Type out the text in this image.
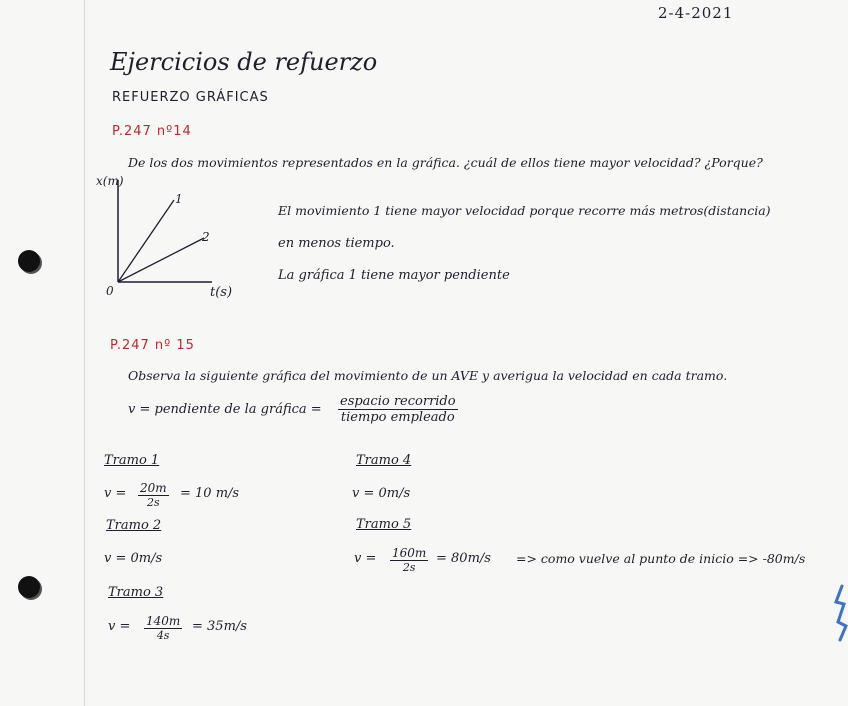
2-4-2021
Ejercicios de refuerzo
REFUERZO GRÁFICAS
P.247 nº14
De los dos movimientos representados en la gráfica. ¿cuál de ellos tiene mayor velocidad? ¿Porque?
x(m)
t(s)
0
1
2
El movimiento 1 tiene mayor velocidad porque recorre más metros(distancia)
en menos tiempo.
La gráfica 1 tiene mayor pendiente
P.247 nº 15
Observa la siguiente gráfica del movimiento de un AVE y averigua la velocidad en cada tramo.
v = pendiente de la gráfica =
espacio recorrido
tiempo empleado
Tramo 1
$v = \frac{20m}{2s} = 10$ m/s
Tramo 2
v = 0m/s
Tramo 3
$v = \frac{140m}{4s} = 35m/s$
Tramo 4
v = 0m/s
Tramo 5
$v = \frac{160m}{2s} = 80m/s$ => como vuelve al punto de inicio => -80m/s
